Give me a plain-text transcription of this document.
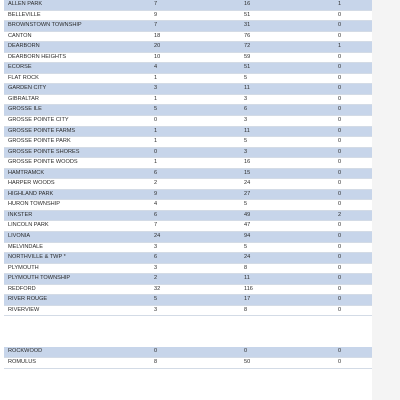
ALLEN PARK	7	16	1	
BELLEVILLE	9	51	0	
BROWNSTOWN TOWNSHIP	7	31	0	
CANTON	18	76	0	
DEARBORN	20	72	1	
DEARBORN HEIGHTS	10	59	0	
ECORSE	4	51	0	
FLAT ROCK	1	5	0	
GARDEN CITY	3	11	0	
GIBRALTAR	1	3	0	
GROSSE ILE	5	6	0	
GROSSE POINTE CITY	0	3	0	
GROSSE POINTE FARMS	1	11	0	
GROSSE POINTE PARK	1	5	0	
GROSSE POINTE SHORES	0	3	0	
GROSSE POINTE WOODS	1	16	0	
HAMTRAMCK	6	15	0	
HARPER WOODS	2	24	0	
HIGHLAND PARK	9	27	0	
HURON TOWNSHIP	4	5	0	
INKSTER	6	49	2	
LINCOLN PARK	7	47	0	
LIVONIA	24	94	0	
MELVINDALE	3	5	0	
NORTHVILLE & TWP *	6	24	0	
PLYMOUTH	3	8	0	
PLYMOUTH TOWNSHIP	2	11	0	
REDFORD	32	116	0	
RIVER ROUGE	5	17	0	
RIVERVIEW	3	8	0	
ROCKWOOD	0	0	0	
ROMULUS	8	50	0	
